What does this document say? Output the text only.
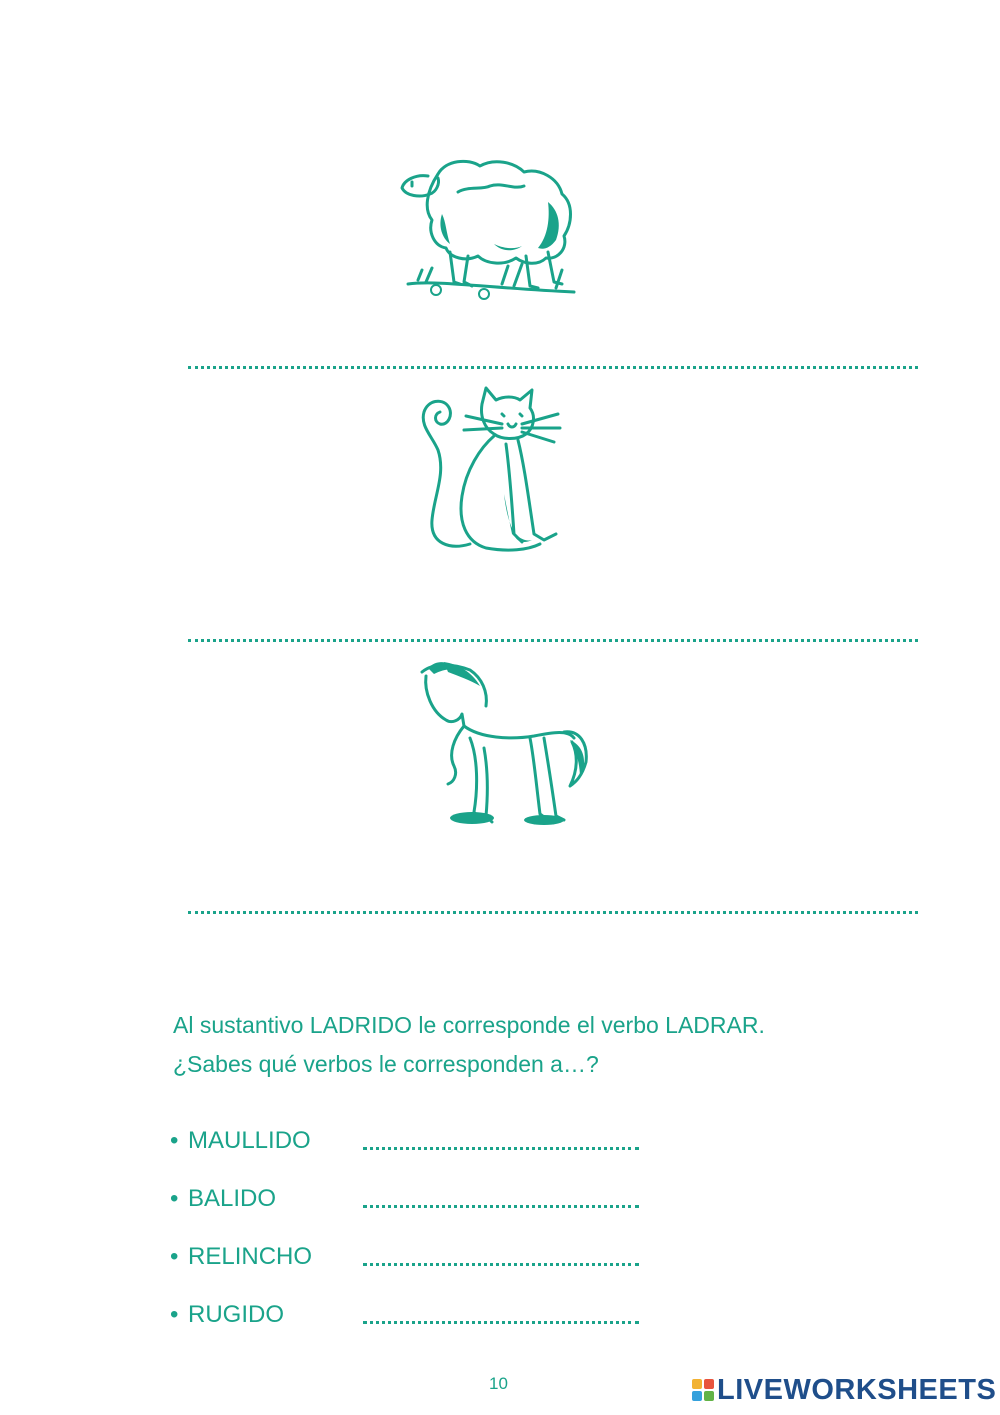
Al sustantivo LADRIDO le corresponde el verbo LADRAR.
¿Sabes qué verbos le corresponden a…?
• MAULLIDO
• BALIDO
• RELINCHO
• RUGIDO
10	LIVEWORKSHEETS
